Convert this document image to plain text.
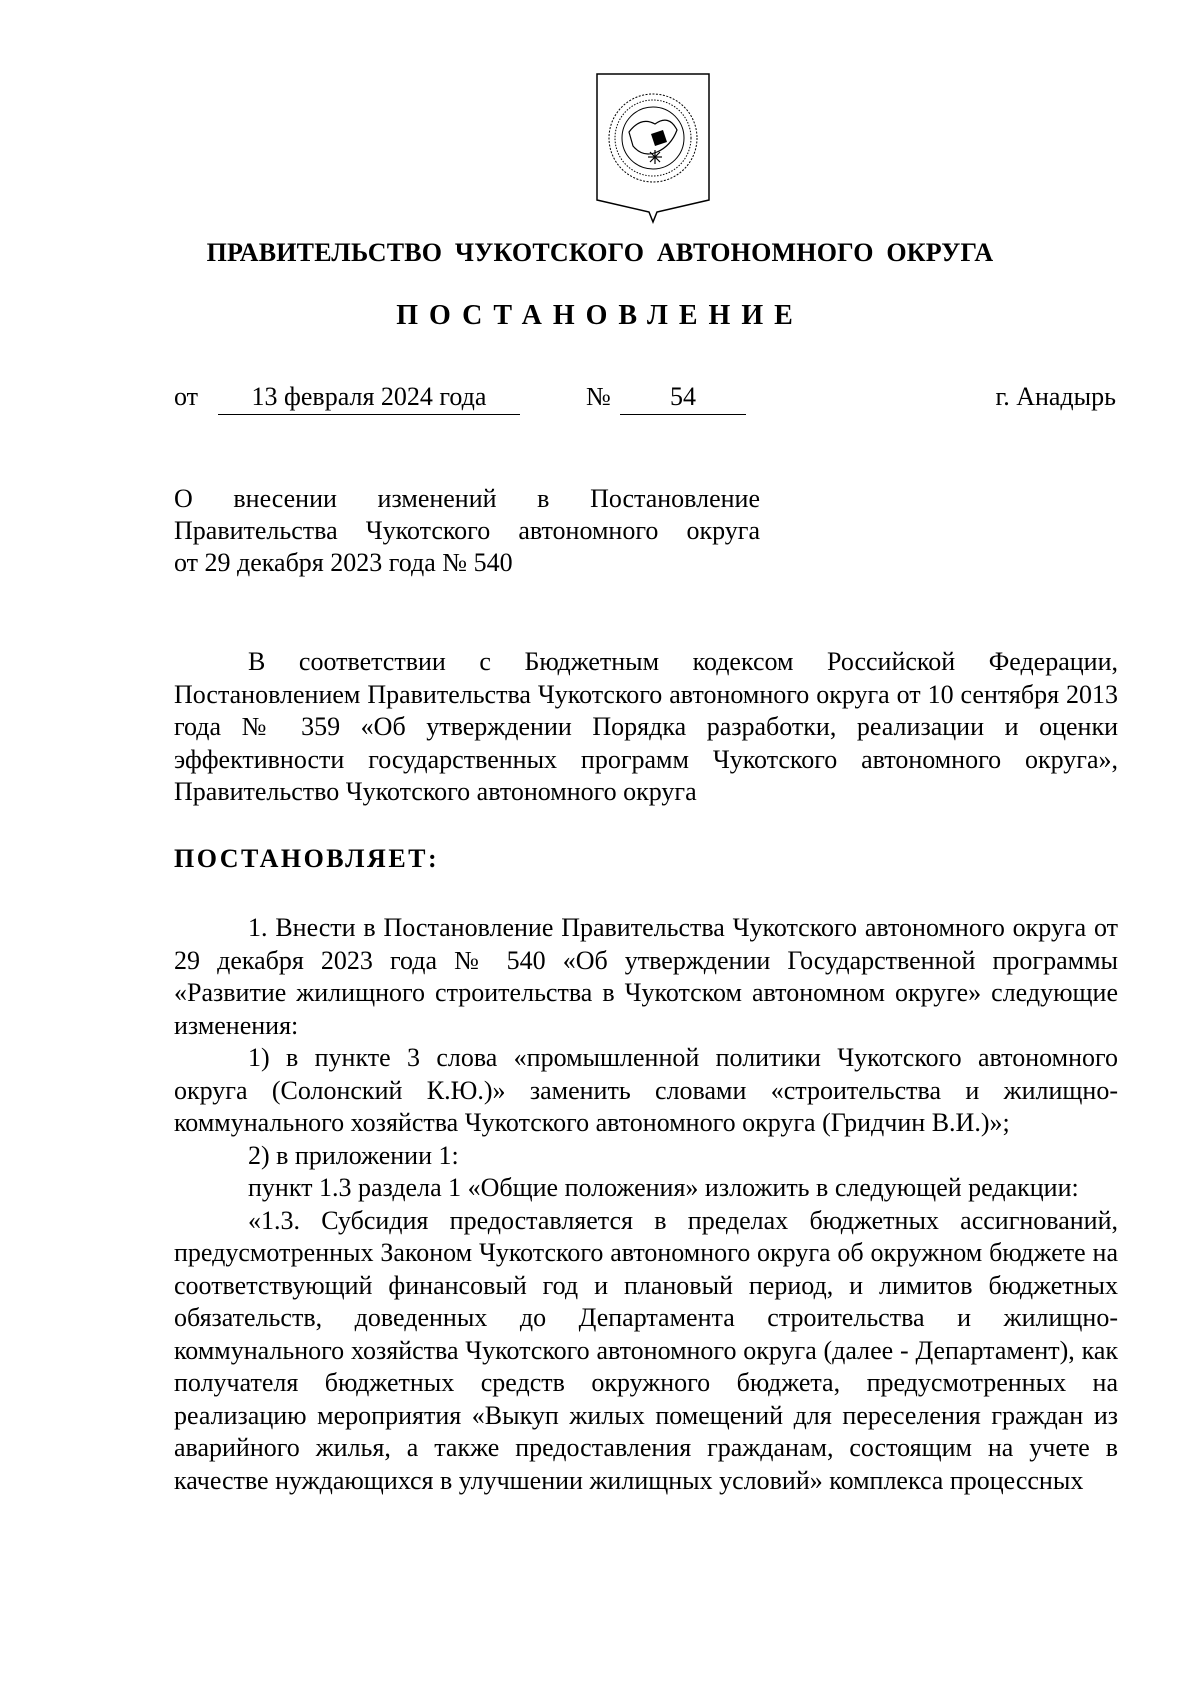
ПРАВИТЕЛЬСТВО ЧУКОТСКОГО АВТОНОМНОГО ОКРУГА
ПОСТАНОВЛЕНИЕ
от	13 февраля 2024 года	№	54	г. Анадырь
О внесении изменений в Постановление
Правительства Чукотского автономного округа
от 29 декабря 2023 года № 540

В соответствии с Бюджетным кодексом Российской Федерации, Постановлением Правительства Чукотского автономного округа от 10 сентября 2013 года № 359 «Об утверждении Порядка разработки, реализации и оценки эффективности государственных программ Чукотского автономного округа», Правительство Чукотского автономного округа

ПОСТАНОВЛЯЕТ:

1. Внести в Постановление Правительства Чукотского автономного округа от 29 декабря 2023 года № 540 «Об утверждении Государственной программы «Развитие жилищного строительства в Чукотском автономном округе» следующие изменения:

1) в пункте 3 слова «промышленной политики Чукотского автономного округа (Солонский К.Ю.)» заменить словами «строительства и жилищно-коммунального хозяйства Чукотского автономного округа (Гридчин В.И.)»;

2) в приложении 1:

пункт 1.3 раздела 1 «Общие положения» изложить в следующей редакции:

«1.3. Субсидия предоставляется в пределах бюджетных ассигнований, предусмотренных Законом Чукотского автономного округа об окружном бюджете на соответствующий финансовый год и плановый период, и лимитов бюджетных обязательств, доведенных до Департамента строительства и жилищно-коммунального хозяйства Чукотского автономного округа (далее - Департамент), как получателя бюджетных средств окружного бюджета, предусмотренных на реализацию мероприятия «Выкуп жилых помещений для переселения граждан из аварийного жилья, а также предоставления гражданам, состоящим на учете в качестве нуждающихся в улучшении жилищных условий» комплекса процессных
